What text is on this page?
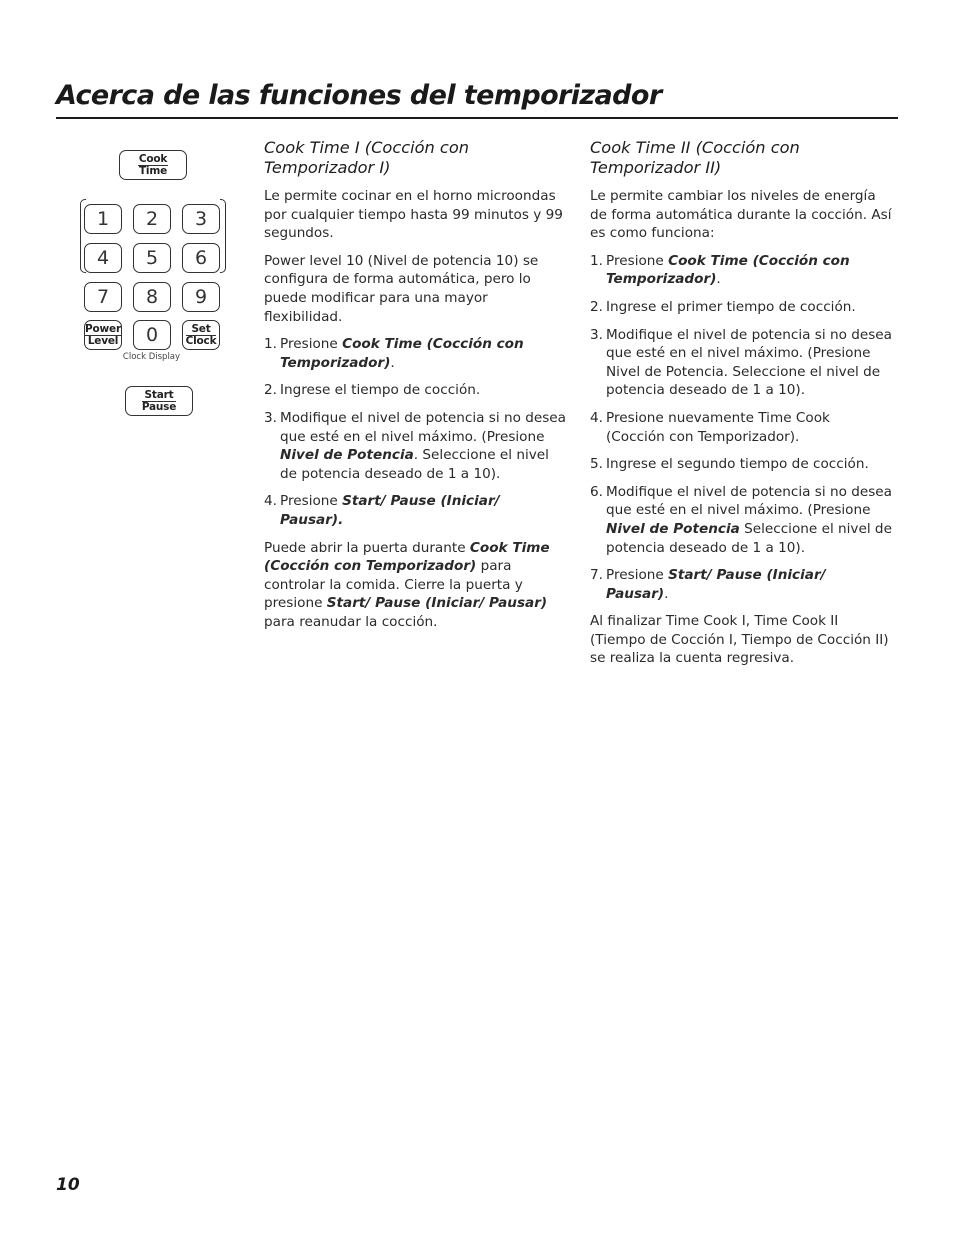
Acerca de las funciones del temporizador
Cook
Time
1 2 3
4 5 6
7 8 9
Power
Level 0	Set
Clock
Clock Display
Start
Pause
Cook Time I (Cocción con Temporizador I)

Le permite cocinar en el horno microondas por cualquier tiempo hasta 99 minutos y 99 segundos.

Power level 10 (Nivel de potencia 10) se configura de forma automática, pero lo puede modificar para una mayor flexibilidad.

1. Presione Cook Time (Cocción con Temporizador).
2. Ingrese el tiempo de cocción.
3. Modifique el nivel de potencia si no desea que esté en el nivel máximo. (Presione Nivel de Potencia. Seleccione el nivel de potencia deseado de 1 a 10).
4. Presione Start/ Pause (Iniciar/ Pausar).

Puede abrir la puerta durante Cook Time (Cocción con Temporizador) para controlar la comida. Cierre la puerta y presione Start/ Pause (Iniciar/ Pausar) para reanudar la cocción.

Cook Time II (Cocción con Temporizador II)

Le permite cambiar los niveles de energía de forma automática durante la cocción. Así es como funciona:

1. Presione Cook Time (Cocción con Temporizador).
2. Ingrese el primer tiempo de cocción.
3. Modifique el nivel de potencia si no desea que esté en el nivel máximo. (Presione Nivel de Potencia. Seleccione el nivel de potencia deseado de 1 a 10).
4. Presione nuevamente Time Cook (Cocción con Temporizador).
5. Ingrese el segundo tiempo de cocción.
6. Modifique el nivel de potencia si no desea que esté en el nivel máximo. (Presione Nivel de Potencia Seleccione el nivel de potencia deseado de 1 a 10).
7. Presione Start/ Pause (Iniciar/ Pausar).

Al finalizar Time Cook I, Time Cook II (Tiempo de Cocción I, Tiempo de Cocción II) se realiza la cuenta regresiva.

10
